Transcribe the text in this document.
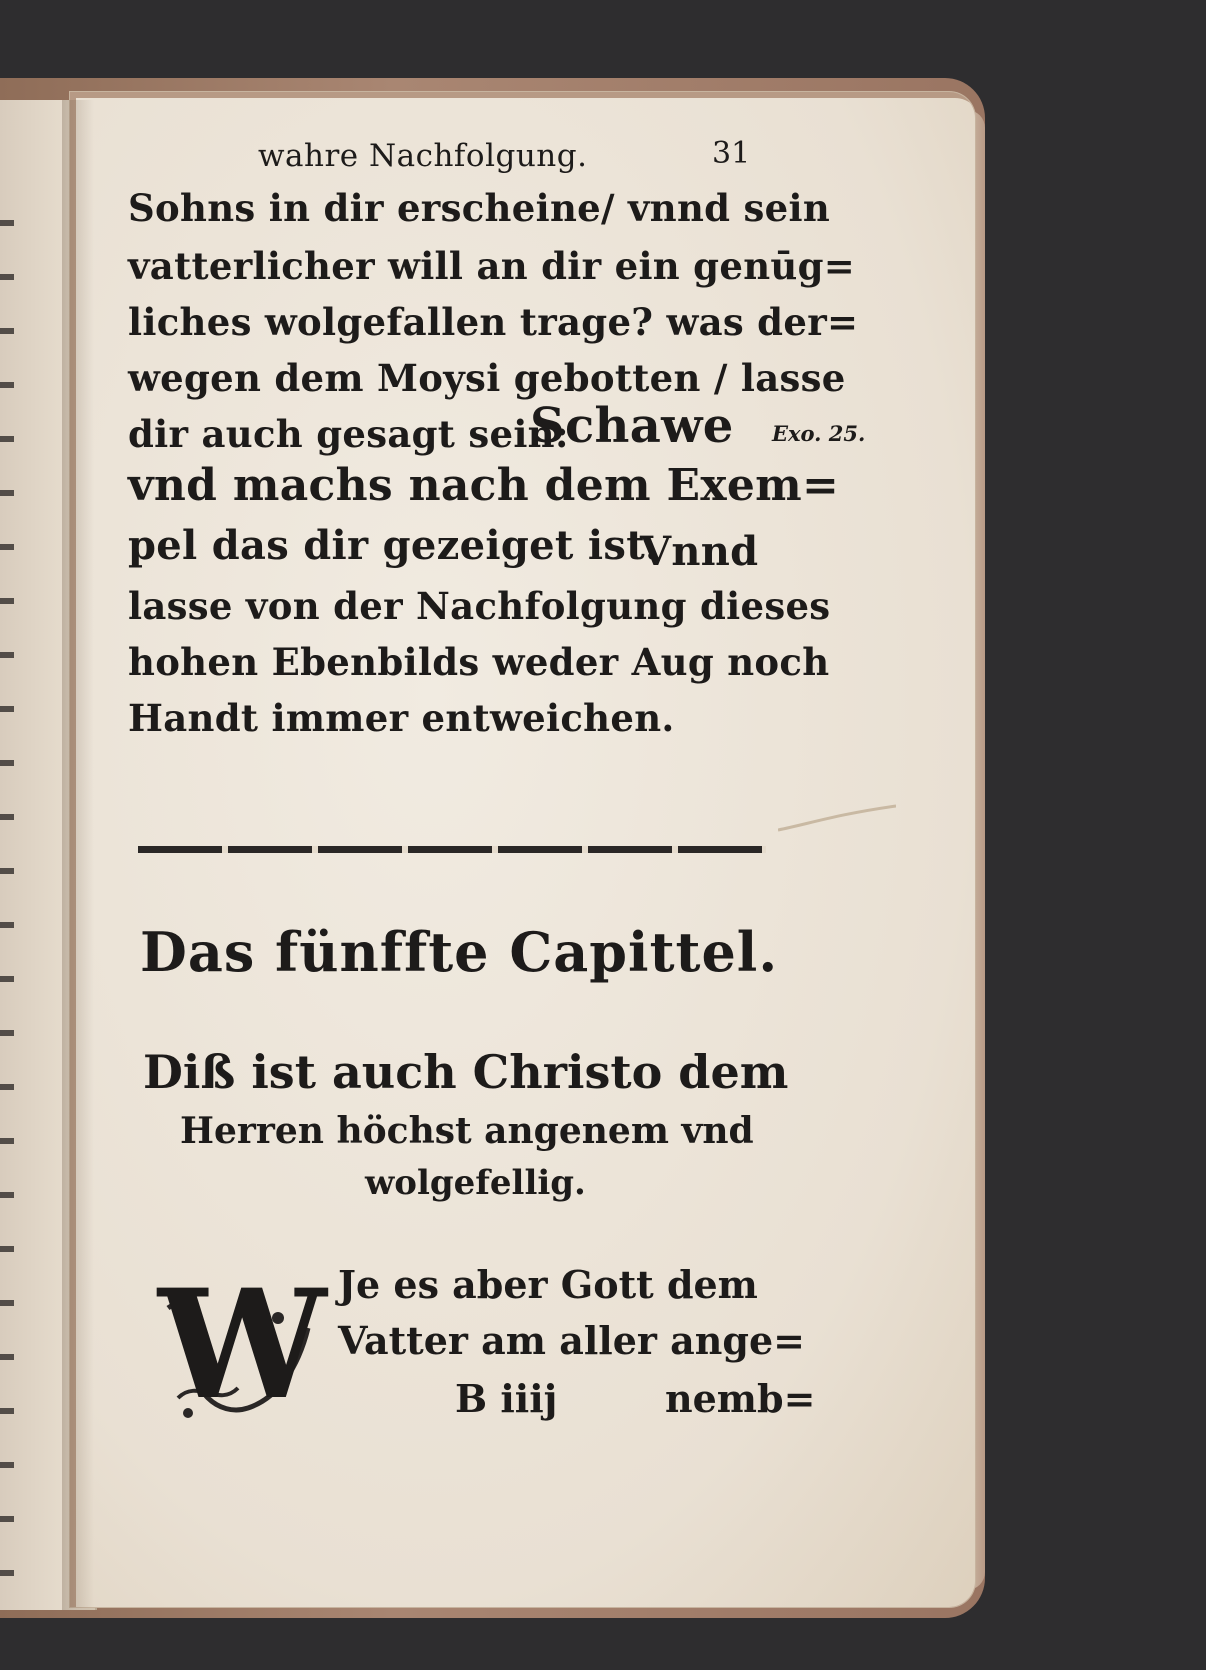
wahre Nachfolgung.	31
Sohns in dir erscheine/ vnnd sein
vatterlicher will an dir ein genūg=
liches wolgefallen trage? was der=
wegen dem Moysi gebotten / lasse
dir auch gesagt sein:
Schawe Exo. 25.
vnd machs nach dem Exem=
pel das dir gezeiget ist.
Vnnd
lasse von der Nachfolgung dieses
hohen Ebenbilds weder Aug noch
Handt immer entweichen.
Das fünffte Capittel.
Diß ist auch Christo dem
Herren höchst angenem vnd
wolgefellig.
W Je es aber Gott dem
Vatter am aller ange=
B iiij	nemb=
